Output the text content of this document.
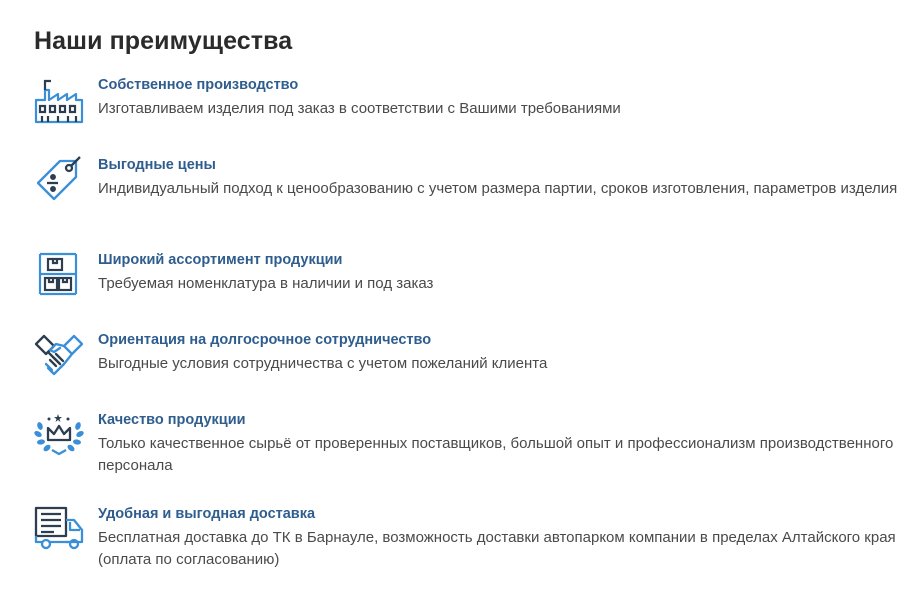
Наши преимущества
Собственное производство
Изготавливаем изделия под заказ в соответствии с Вашими требованиями
Выгодные цены
Индивидуальный подход к ценообразованию с учетом размера партии, сроков изготовления, параметров изделия
Широкий ассортимент продукции
Требуемая номенклатура в наличии и под заказ
Ориентация на долгосрочное сотрудничество
Выгодные условия сотрудничества с учетом пожеланий клиента
Качество продукции
Только качественное сырьё от проверенных поставщиков, большой опыт и профессионализм производственного персонала
Удобная и выгодная доставка
Бесплатная доставка до ТК в Барнауле, возможность доставки автопарком компании в пределах Алтайского края (оплата по согласованию)
